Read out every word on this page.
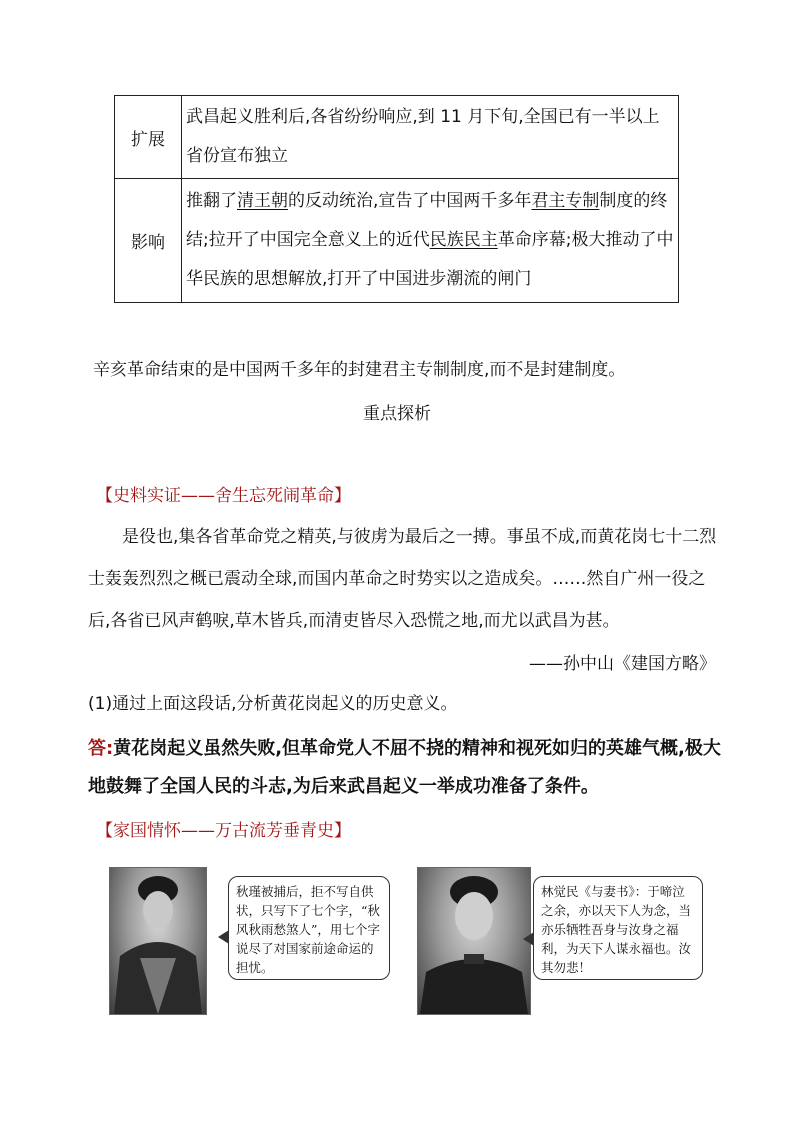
扩展	武昌起义胜利后,各省纷纷响应,到 11 月下旬,全国已有一半以上省份宣布独立
影响	推翻了清王朝的反动统治,宣告了中国两千多年君主专制制度的终结;拉开了中国完全意义上的近代民族民主革命序幕;极大推动了中华民族的思想解放,打开了中国进步潮流的闸门
辛亥革命结束的是中国两千多年的封建君主专制制度,而不是封建制度。
重点探析
【史料实证——舍生忘死闹革命】

是役也,集各省革命党之精英,与彼虏为最后之一搏。事虽不成,而黄花岗七十二烈士轰轰烈烈之概已震动全球,而国内革命之时势实以之造成矣。……然自广州一役之后,各省已风声鹤唳,草木皆兵,而清吏皆尽入恐慌之地,而尤以武昌为甚。

——孙中山《建国方略》
(1)通过上面这段话,分析黄花岗起义的历史意义。

答:黄花岗起义虽然失败,但革命党人不屈不挠的精神和视死如归的英雄气概,极大地鼓舞了全国人民的斗志,为后来武昌起义一举成功准备了条件。

【家国情怀——万古流芳垂青史】
秋瑾被捕后，拒不写自供状，只写下了七个字，“秋风秋雨愁煞人”，用七个字说尽了对国家前途命运的担忧。
林觉民《与妻书》：于啼泣之余，亦以天下人为念，当亦乐牺牲吾身与汝身之福利，为天下人谋永福也。汝其勿悲！
